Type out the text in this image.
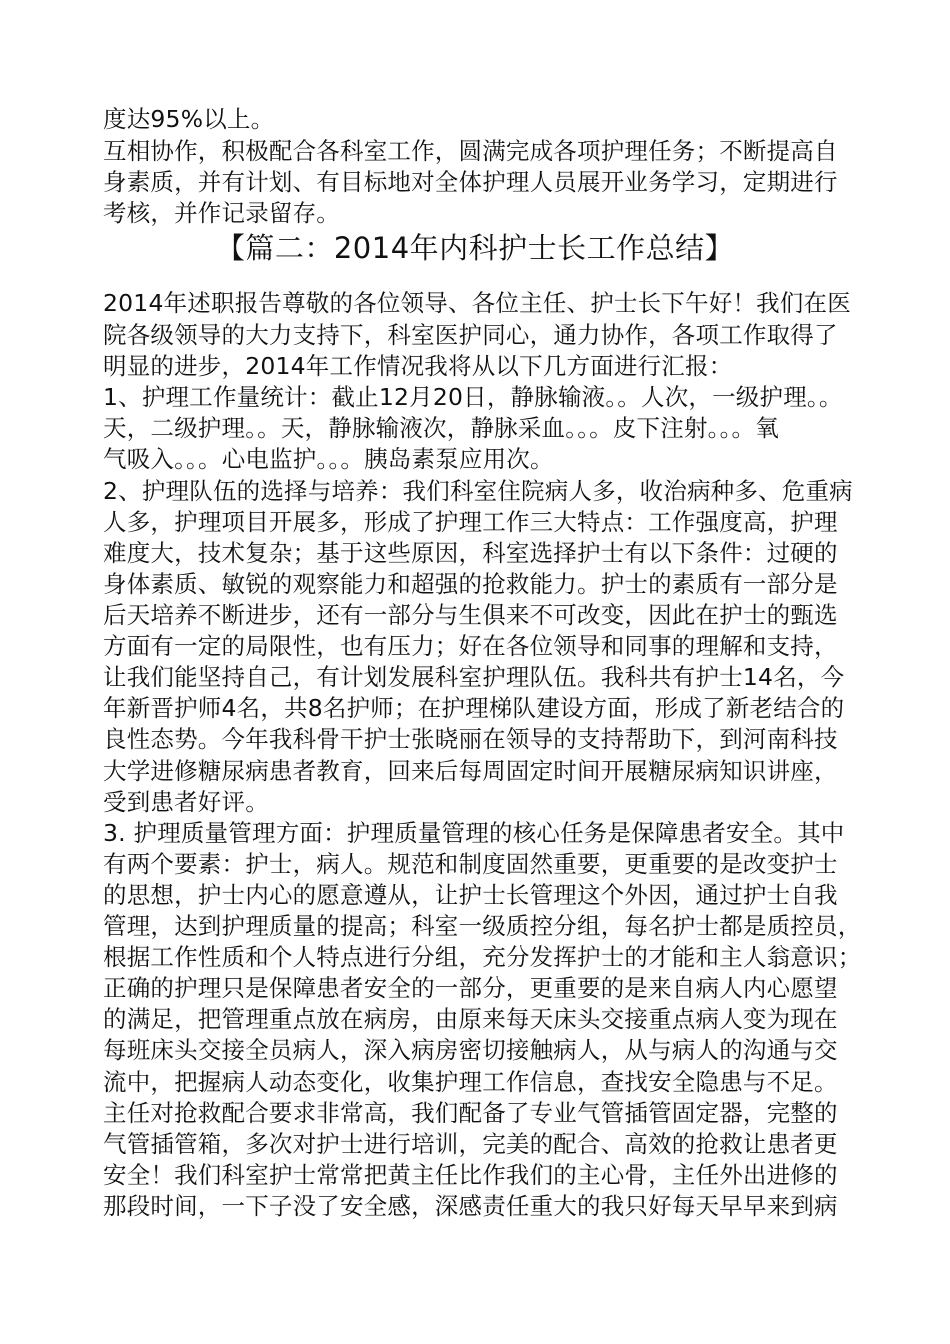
度达95%以上。
互相协作，积极配合各科室工作，圆满完成各项护理任务；不断提高自
身素质，并有计划、有目标地对全体护理人员展开业务学习，定期进行
考核，并作记录留存。
【篇二：2014年内科护士长工作总结】
2014年述职报告尊敬的各位领导、各位主任、护士长下午好！我们在医
院各级领导的大力支持下，科室医护同心，通力协作，各项工作取得了
明显的进步，2014年工作情况我将从以下几方面进行汇报：
1、护理工作量统计：截止12月20日，静脉输液。。人次，一级护理。。
天，二级护理。。天，静脉输液次，静脉采血。。。皮下注射。。。氧
气吸入。。。心电监护。。。胰岛素泵应用次。
2、护理队伍的选择与培养：我们科室住院病人多，收治病种多、危重病
人多，护理项目开展多，形成了护理工作三大特点：工作强度高，护理
难度大，技术复杂；基于这些原因，科室选择护士有以下条件：过硬的
身体素质、敏锐的观察能力和超强的抢救能力。护士的素质有一部分是
后天培养不断进步，还有一部分与生俱来不可改变，因此在护士的甄选
方面有一定的局限性，也有压力；好在各位领导和同事的理解和支持，
让我们能坚持自己，有计划发展科室护理队伍。我科共有护士14名，今
年新晋护师4名，共8名护师；在护理梯队建设方面，形成了新老结合的
良性态势。今年我科骨干护士张晓丽在领导的支持帮助下，到河南科技
大学进修糖尿病患者教育，回来后每周固定时间开展糖尿病知识讲座，
受到患者好评。
3. 护理质量管理方面：护理质量管理的核心任务是保障患者安全。其中
有两个要素：护士，病人。规范和制度固然重要，更重要的是改变护士
的思想，护士内心的愿意遵从，让护士长管理这个外因，通过护士自我
管理，达到护理质量的提高；科室一级质控分组，每名护士都是质控员，
根据工作性质和个人特点进行分组，充分发挥护士的才能和主人翁意识；
正确的护理只是保障患者安全的一部分，更重要的是来自病人内心愿望
的满足，把管理重点放在病房，由原来每天床头交接重点病人变为现在
每班床头交接全员病人，深入病房密切接触病人，从与病人的沟通与交
流中，把握病人动态变化，收集护理工作信息，查找安全隐患与不足。
主任对抢救配合要求非常高，我们配备了专业气管插管固定器，完整的
气管插管箱，多次对护士进行培训，完美的配合、高效的抢救让患者更
安全！我们科室护士常常把黄主任比作我们的主心骨，主任外出进修的
那段时间，一下子没了安全感，深感责任重大的我只好每天早早来到病
